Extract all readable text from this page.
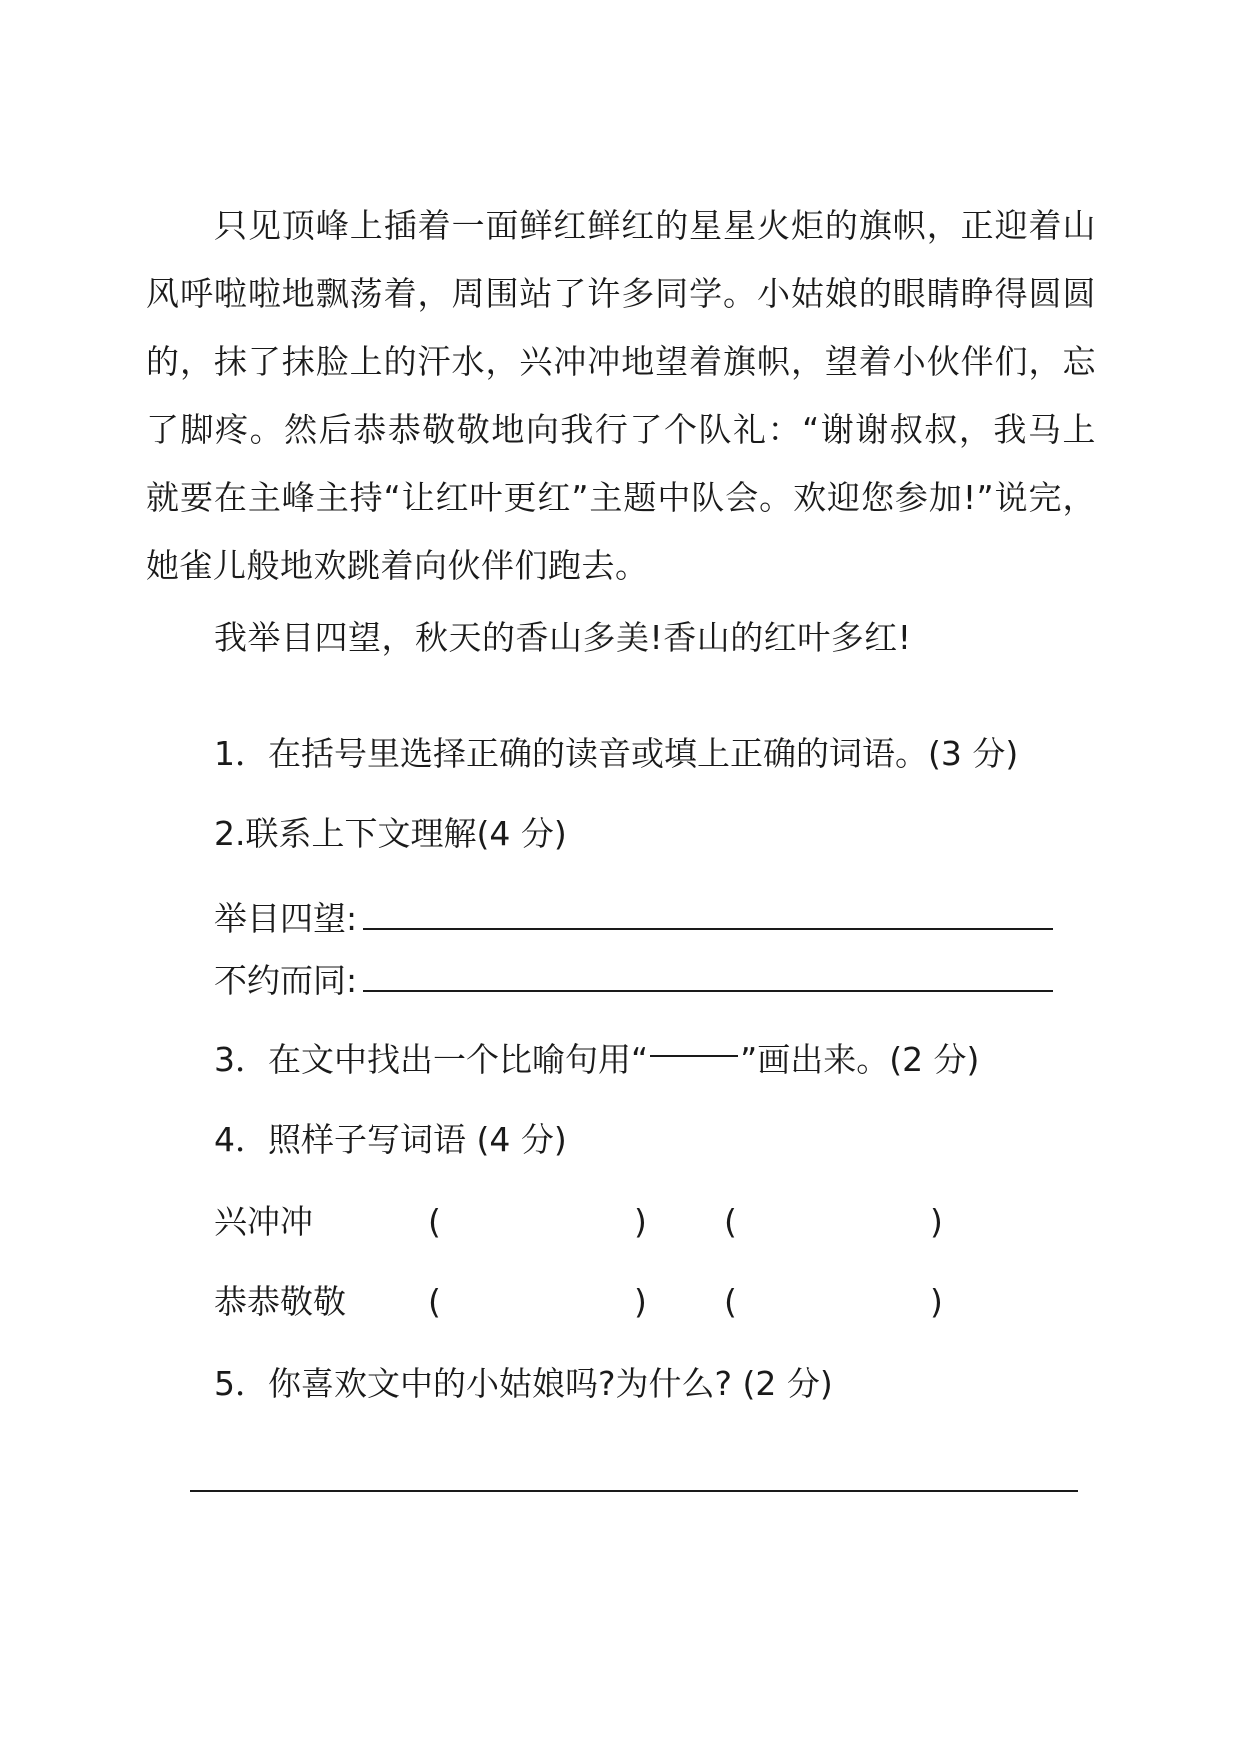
只见顶峰上插着一面鲜红鲜红的星星火炬的旗帜，正迎着山风呼啦啦地飘荡着，周围站了许多同学。小姑娘的眼睛睁得圆圆的，抹了抹脸上的汗水，兴冲冲地望着旗帜，望着小伙伴们，忘了脚疼。然后恭恭敬敬地向我行了个队礼：“谢谢叔叔，我马上就要在主峰主持“让红叶更红”主题中队会。欢迎您参加!”说完，她雀儿般地欢跳着向伙伴们跑去。

我举目四望，秋天的香山多美!香山的红叶多红!

1．在括号里选择正确的读音或填上正确的词语。(3 分)
2.联系上下文理解(4 分)
举目四望:
不约而同:
3．在文中找出一个比喻句用“	”画出来。(2 分)
4．照样子写词语 (4 分)
兴冲冲	(	) (	)
恭恭敬敬 (	) (	)
5．你喜欢文中的小姑娘吗?为什么? (2 分)
